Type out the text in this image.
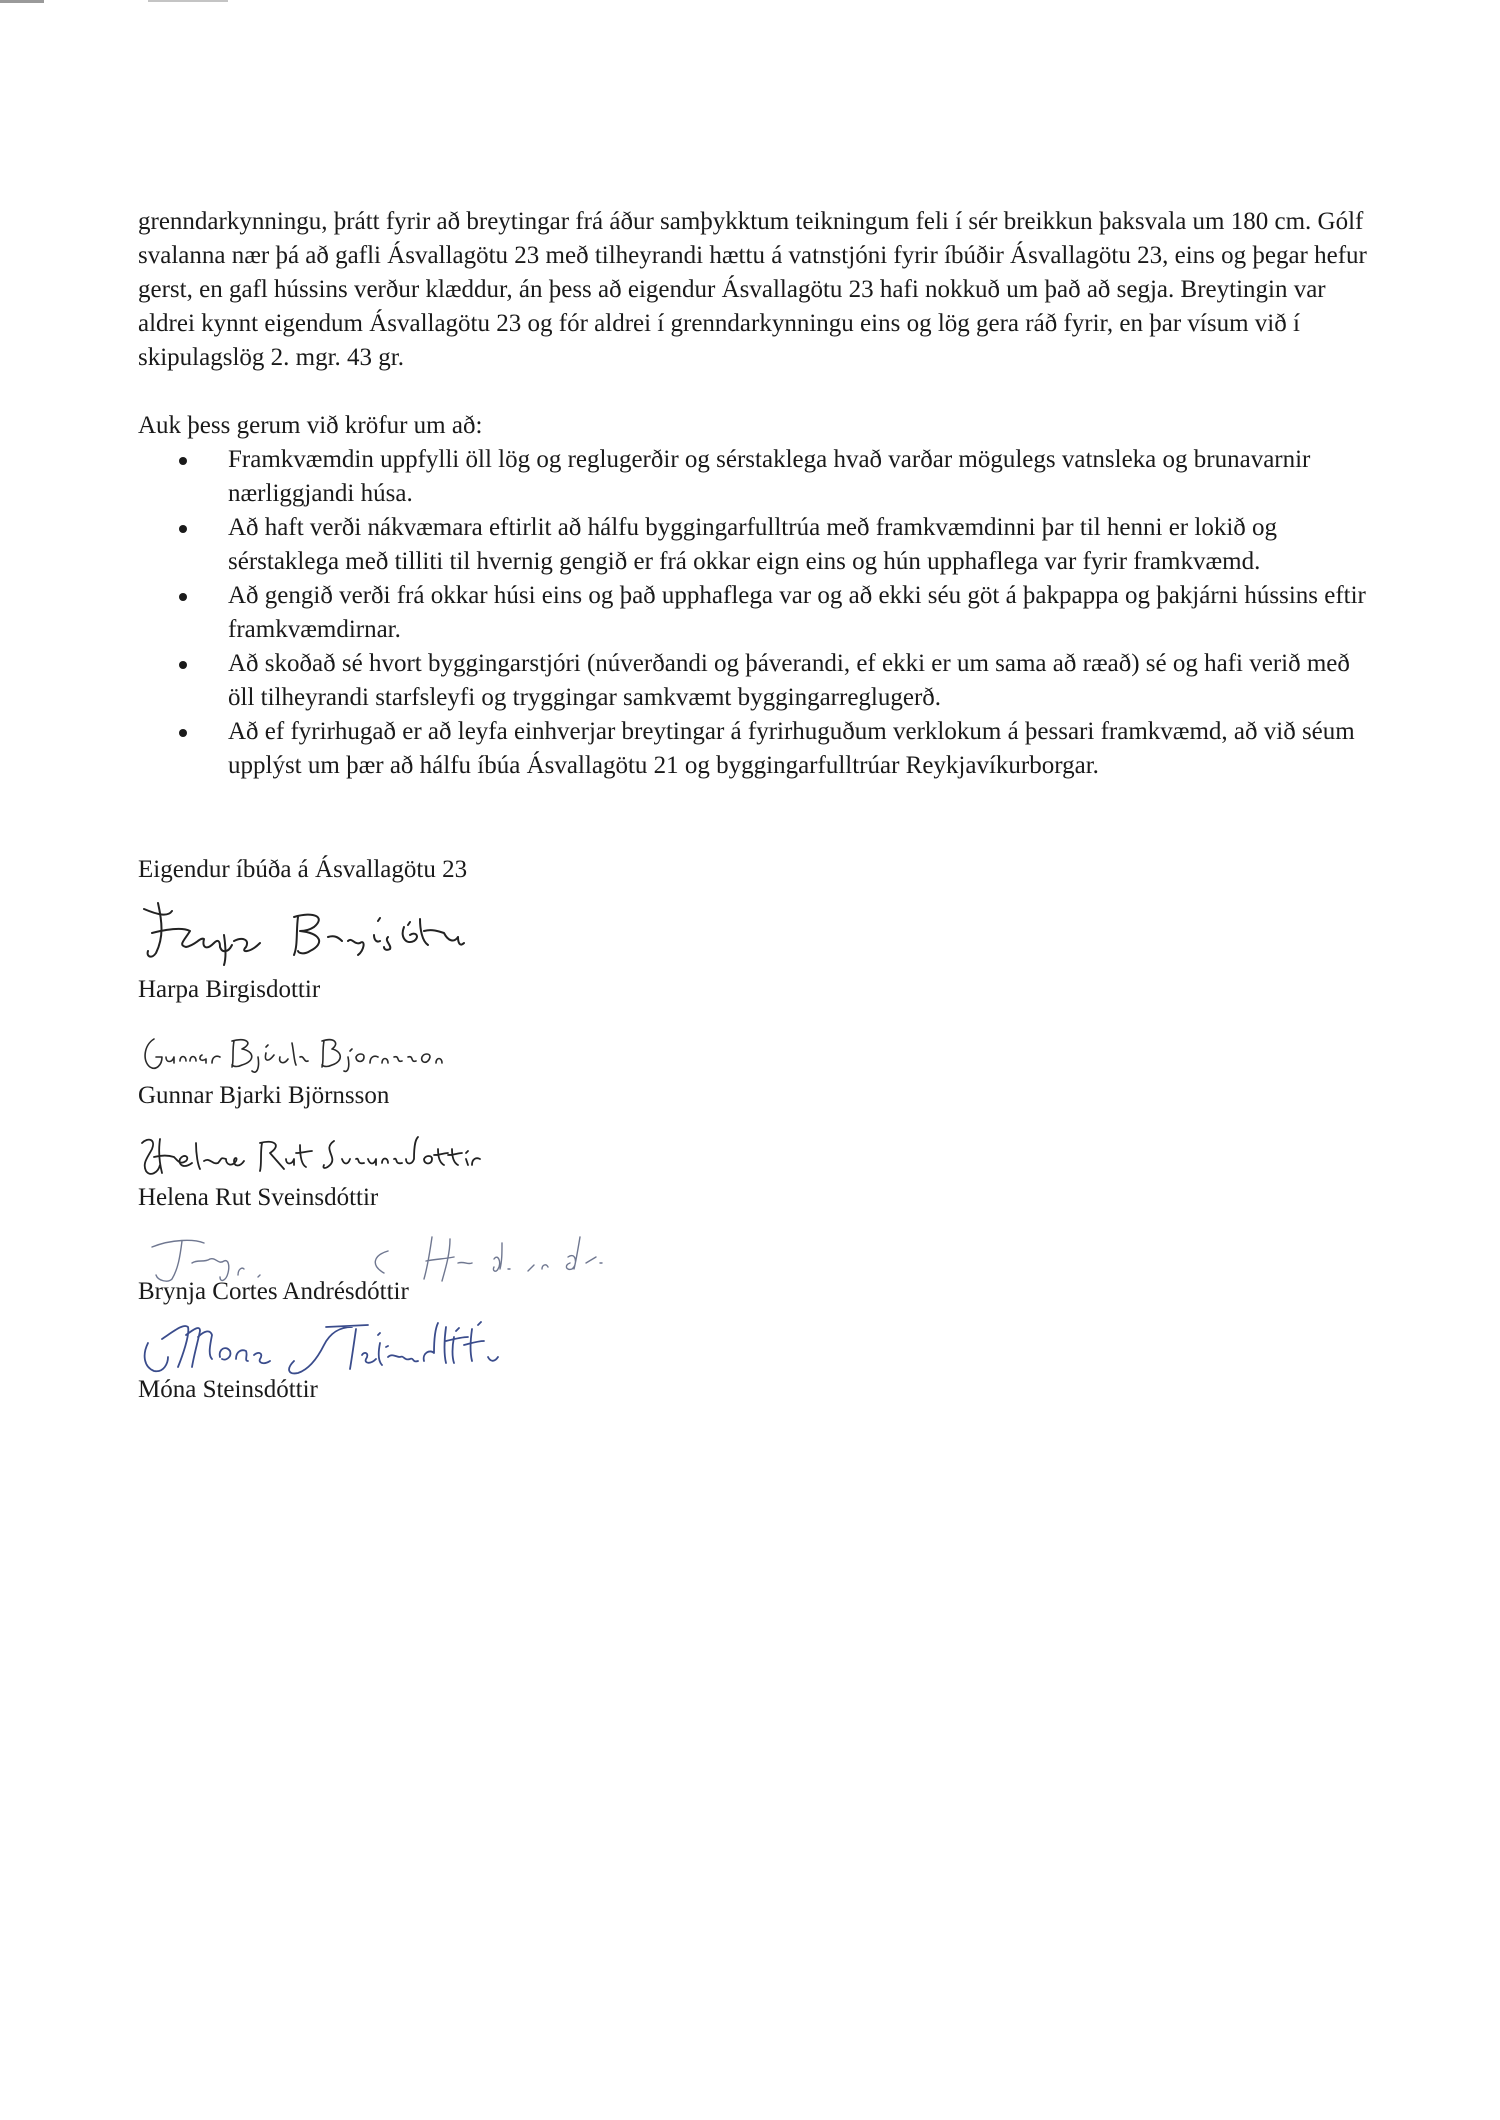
grenndarkynningu, þrátt fyrir að breytingar frá áður samþykktum teikningum feli í sér breikkun þaksvala um 180 cm. Gólf svalanna nær þá að gafli Ásvallagötu 23 með tilheyrandi hættu á vatnstjóni fyrir íbúðir Ásvallagötu 23, eins og þegar hefur gerst, en gafl hússins verður klæddur, án þess að eigendur Ásvallagötu 23 hafi nokkuð um það að segja. Breytingin var aldrei kynnt eigendum Ásvallagötu 23 og fór aldrei í grenndarkynningu eins og lög gera ráð fyrir, en þar vísum við í skipulagslög 2. mgr. 43 gr.

Auk þess gerum við kröfur um að:
Framkvæmdin uppfylli öll lög og reglugerðir og sérstaklega hvað varðar mögulegs vatnsleka og brunavarnir nærliggjandi húsa.
Að haft verði nákvæmara eftirlit að hálfu byggingarfulltrúa með framkvæmdinni þar til henni er lokið og sérstaklega með tilliti til hvernig gengið er frá okkar eign eins og hún upphaflega var fyrir framkvæmd.
Að gengið verði frá okkar húsi eins og það upphaflega var og að ekki séu göt á þakpappa og þakjárni hússins eftir framkvæmdirnar.
Að skoðað sé hvort byggingarstjóri (núverðandi og þáverandi, ef ekki er um sama að ræað) sé og hafi verið með öll tilheyrandi starfsleyfi og tryggingar samkvæmt byggingarreglugerð.
Að ef fyrirhugað er að leyfa einhverjar breytingar á fyrirhuguðum verklokum á þessari framkvæmd, að við séum upplýst um þær að hálfu íbúa Ásvallagötu 21 og byggingarfulltrúar Reykjavíkurborgar.
Eigendur íbúða á Ásvallagötu 23
Harpa Birgisdottir
Gunnar Bjarki Björnsson
Helena Rut Sveinsdóttir
Brynja Cortes Andrésdóttir
Móna Steinsdóttir
